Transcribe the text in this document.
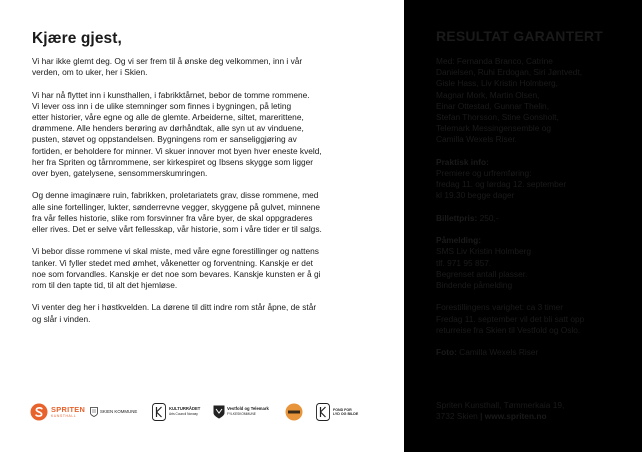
Kjære gjest,

Vi har ikke glemt deg. Og vi ser frem til å ønske deg velkommen, inn i vår
verden, om to uker, her i Skien.

Vi har nå flyttet inn i kunsthallen, i fabrikktårnet, bebor de tomme rommene.
Vi lever oss inn i de ulike stemninger som finnes i bygningen, på leting
etter historier, våre egne og alle de glemte. Arbeiderne, siltet, marerittene,
drømmene. Alle henders berøring av dørhåndtak, alle syn ut av vinduene,
pusten, støvet og oppstandelsen. Bygningens rom er sanseliggjøring av
fortiden, er beholdere for minner. Vi skuer innover mot byen hver eneste kveld,
her fra Spriten og tårnrommene, ser kirkespiret og Ibsens skygge som ligger
over byen, gatelysene, sensommerskumringen.

Og denne imaginære ruin, fabrikken, proletariatets grav, disse rommene, med
alle sine fortellinger, lukter, sønderrevne vegger, skyggene på gulvet, minnene
fra vår felles historie, slike rom forsvinner fra våre byer, de skal oppgraderes
eller rives. Det er selve vårt fellesskap, vår historie, som i våre tider er til salgs.

Vi bebor disse rommene vi skal miste, med våre egne forestillinger og nattens
tanker. Vi fyller stedet med ømhet, våkenetter og forventning. Kanskje er det
noe som forvandles. Kanskje er det noe som bevares. Kanskje kunsten er å gi
rom til den tapte tid, til alt det hjemløse.

Vi venter deg her i høstkvelden. La dørene til ditt indre rom står åpne, de står
og slår i vinden.

SPRITEN
KUNSTHALL
SKIEN KOMMUNE	KULTURRÅDET
Arts Council Norway
Vestfold og Telemark
FYLKESKOMMUNE
FOND FOR LYD OG BILDE
RESULTAT GARANTERT
Med: Fernanda Branco, Catrine
Danielsen, Ruhi Erdogan, Siri Jøntvedt,
Gisle Hass, Liv Kristin Holmberg,
Magnar Mork, Martin Olsen,
Einar Ottestad, Gunnar Thelin,
Stefan Thorsson, Stine Gonsholt,
Telemark Messingensemble og
Camilla Wexels Riser.
Praktisk info:
Premiere og urfremføring:
fredag 11. og lørdag 12. september
kl 19.30 begge dager
Billettpris: 250,-
Påmelding:
SMS Liv Kristin Holmberg
tlf. 971 95 857.
Begrenset antall plasser.
Bindende påmelding
Forestillingens varighet: ca 3 timer
Fredag 11. september vil det bli satt opp
returreise fra Skien til Vestfold og Oslo.
Foto: Camilla Wexels Riser
Spriten Kunsthall, Tømmerkaia 19,
3732 Skien | www.spriten.no
